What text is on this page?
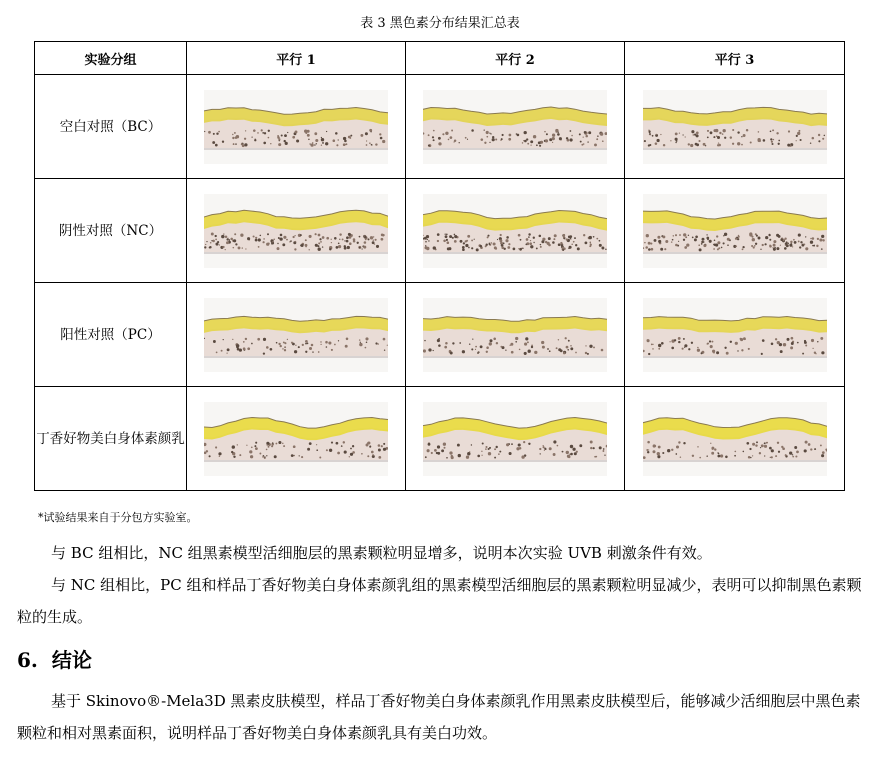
表 3 黑色素分布结果汇总表
实验分组	平行 1	平行 2	平行 3
空白对照（BC）	

阴性对照（NC）	

阳性对照（PC）	

丁香好物美白身体素颜乳	

*试验结果来自于分包方实验室。

与 BC 组相比，NC 组黑素模型活细胞层的黑素颗粒明显增多，说明本次实验 UVB 刺激条件有效。

与 NC 组相比，PC 组和样品丁香好物美白身体素颜乳组的黑素模型活细胞层的黑素颗粒明显减少，表明可以抑制黑色素颗粒的生成。

6. 结论

基于 Skinovo®-Mela3D 黑素皮肤模型，样品丁香好物美白身体素颜乳作用黑素皮肤模型后，能够减少活细胞层中黑色素颗粒和相对黑素面积，说明样品丁香好物美白身体素颜乳具有美白功效。
